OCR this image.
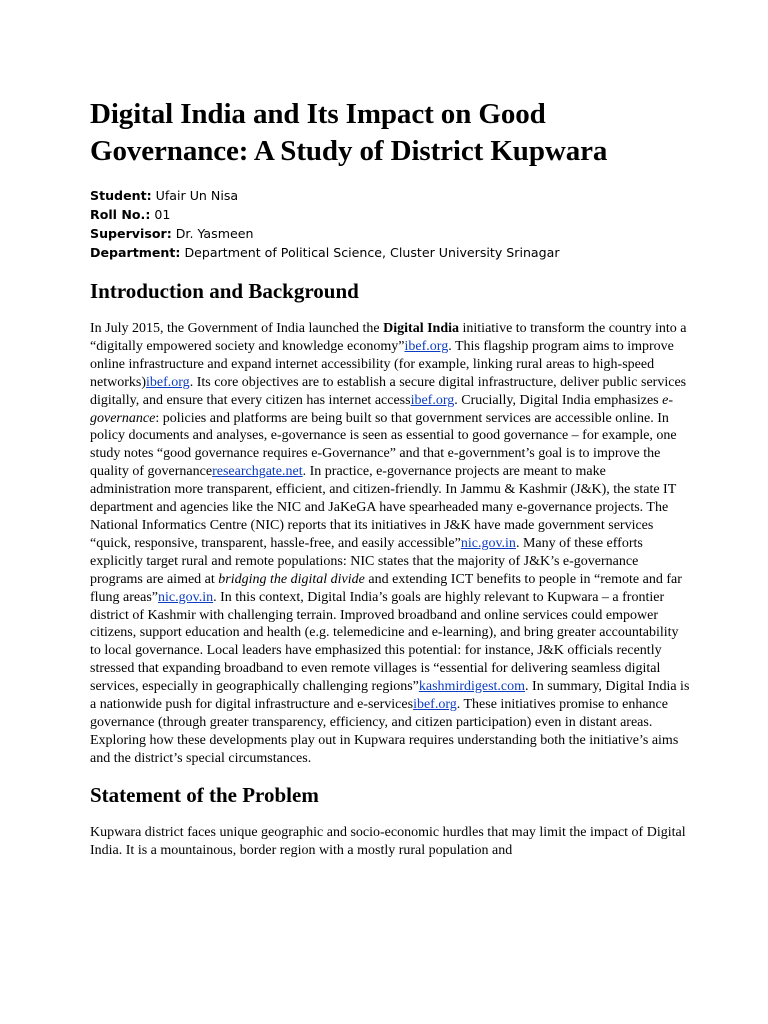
Digital India and Its Impact on Good Governance: A Study of District Kupwara
Student: Ufair Un Nisa
Roll No.: 01
Supervisor: Dr. Yasmeen
Department: Department of Political Science, Cluster University Srinagar
Introduction and Background

In July 2015, the Government of India launched the Digital India initiative to transform the country into a “digitally empowered society and knowledge economy”ibef.org. This flagship program aims to improve online infrastructure and expand internet accessibility (for example, linking rural areas to high-speed networks)ibef.org. Its core objectives are to establish a secure digital infrastructure, deliver public services digitally, and ensure that every citizen has internet accessibef.org. Crucially, Digital India emphasizes e-governance: policies and platforms are being built so that government services are accessible online. In policy documents and analyses, e-governance is seen as essential to good governance – for example, one study notes “good governance requires e-Governance” and that e-government’s goal is to improve the quality of governanceresearchgate.net. In practice, e-governance projects are meant to make administration more transparent, efficient, and citizen-friendly. In Jammu & Kashmir (J&K), the state IT department and agencies like the NIC and JaKeGA have spearheaded many e-governance projects. The National Informatics Centre (NIC) reports that its initiatives in J&K have made government services “quick, responsive, transparent, hassle-free, and easily accessible”nic.gov.in. Many of these efforts explicitly target rural and remote populations: NIC states that the majority of J&K’s e-governance programs are aimed at bridging the digital divide and extending ICT benefits to people in “remote and far flung areas”nic.gov.in. In this context, Digital India’s goals are highly relevant to Kupwara – a frontier district of Kashmir with challenging terrain. Improved broadband and online services could empower citizens, support education and health (e.g. telemedicine and e-learning), and bring greater accountability to local governance. Local leaders have emphasized this potential: for instance, J&K officials recently stressed that expanding broadband to even remote villages is “essential for delivering seamless digital services, especially in geographically challenging regions”kashmirdigest.com. In summary, Digital India is a nationwide push for digital infrastructure and e-servicesibef.org. These initiatives promise to enhance governance (through greater transparency, efficiency, and citizen participation) even in distant areas. Exploring how these developments play out in Kupwara requires understanding both the initiative’s aims and the district’s special circumstances.

Statement of the Problem

Kupwara district faces unique geographic and socio-economic hurdles that may limit the impact of Digital India. It is a mountainous, border region with a mostly rural population and
